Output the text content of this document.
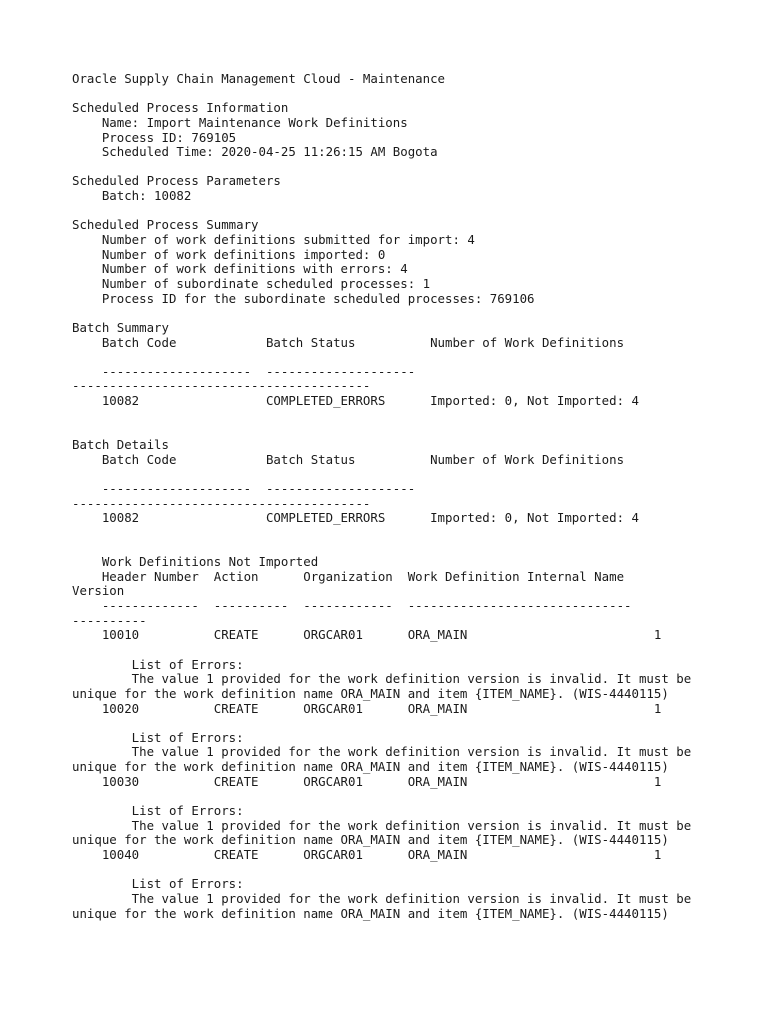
Oracle Supply Chain Management Cloud - Maintenance
Scheduled Process Information
Name: Import Maintenance Work Definitions
Process ID: 769105
Scheduled Time: 2020-04-25 11:26:15 AM Bogota
Scheduled Process Parameters
Batch: 10082
Scheduled Process Summary
Number of work definitions submitted for import: 4
Number of work definitions imported: 0
Number of work definitions with errors: 4
Number of subordinate scheduled processes: 1
Process ID for the subordinate scheduled processes: 769106
Batch Summary
Batch Code            Batch Status          Number of Work Definitions
--------------------  --------------------
----------------------------------------
10082                 COMPLETED_ERRORS      Imported: 0, Not Imported: 4
Batch Details
Batch Code            Batch Status          Number of Work Definitions
--------------------  --------------------
----------------------------------------
10082                 COMPLETED_ERRORS      Imported: 0, Not Imported: 4
Work Definitions Not Imported
Header Number  Action      Organization  Work Definition Internal Name
Version
-------------  ----------  ------------  ------------------------------
----------
10010          CREATE      ORGCAR01      ORA_MAIN                         1
List of Errors:
The value 1 provided for the work definition version is invalid. It must be
unique for the work definition name ORA_MAIN and item {ITEM_NAME}. (WIS-4440115)
10020          CREATE      ORGCAR01      ORA_MAIN                         1
List of Errors:
The value 1 provided for the work definition version is invalid. It must be
unique for the work definition name ORA_MAIN and item {ITEM_NAME}. (WIS-4440115)
10030          CREATE      ORGCAR01      ORA_MAIN                         1
List of Errors:
The value 1 provided for the work definition version is invalid. It must be
unique for the work definition name ORA_MAIN and item {ITEM_NAME}. (WIS-4440115)
10040          CREATE      ORGCAR01      ORA_MAIN                         1
List of Errors:
The value 1 provided for the work definition version is invalid. It must be
unique for the work definition name ORA_MAIN and item {ITEM_NAME}. (WIS-4440115)
